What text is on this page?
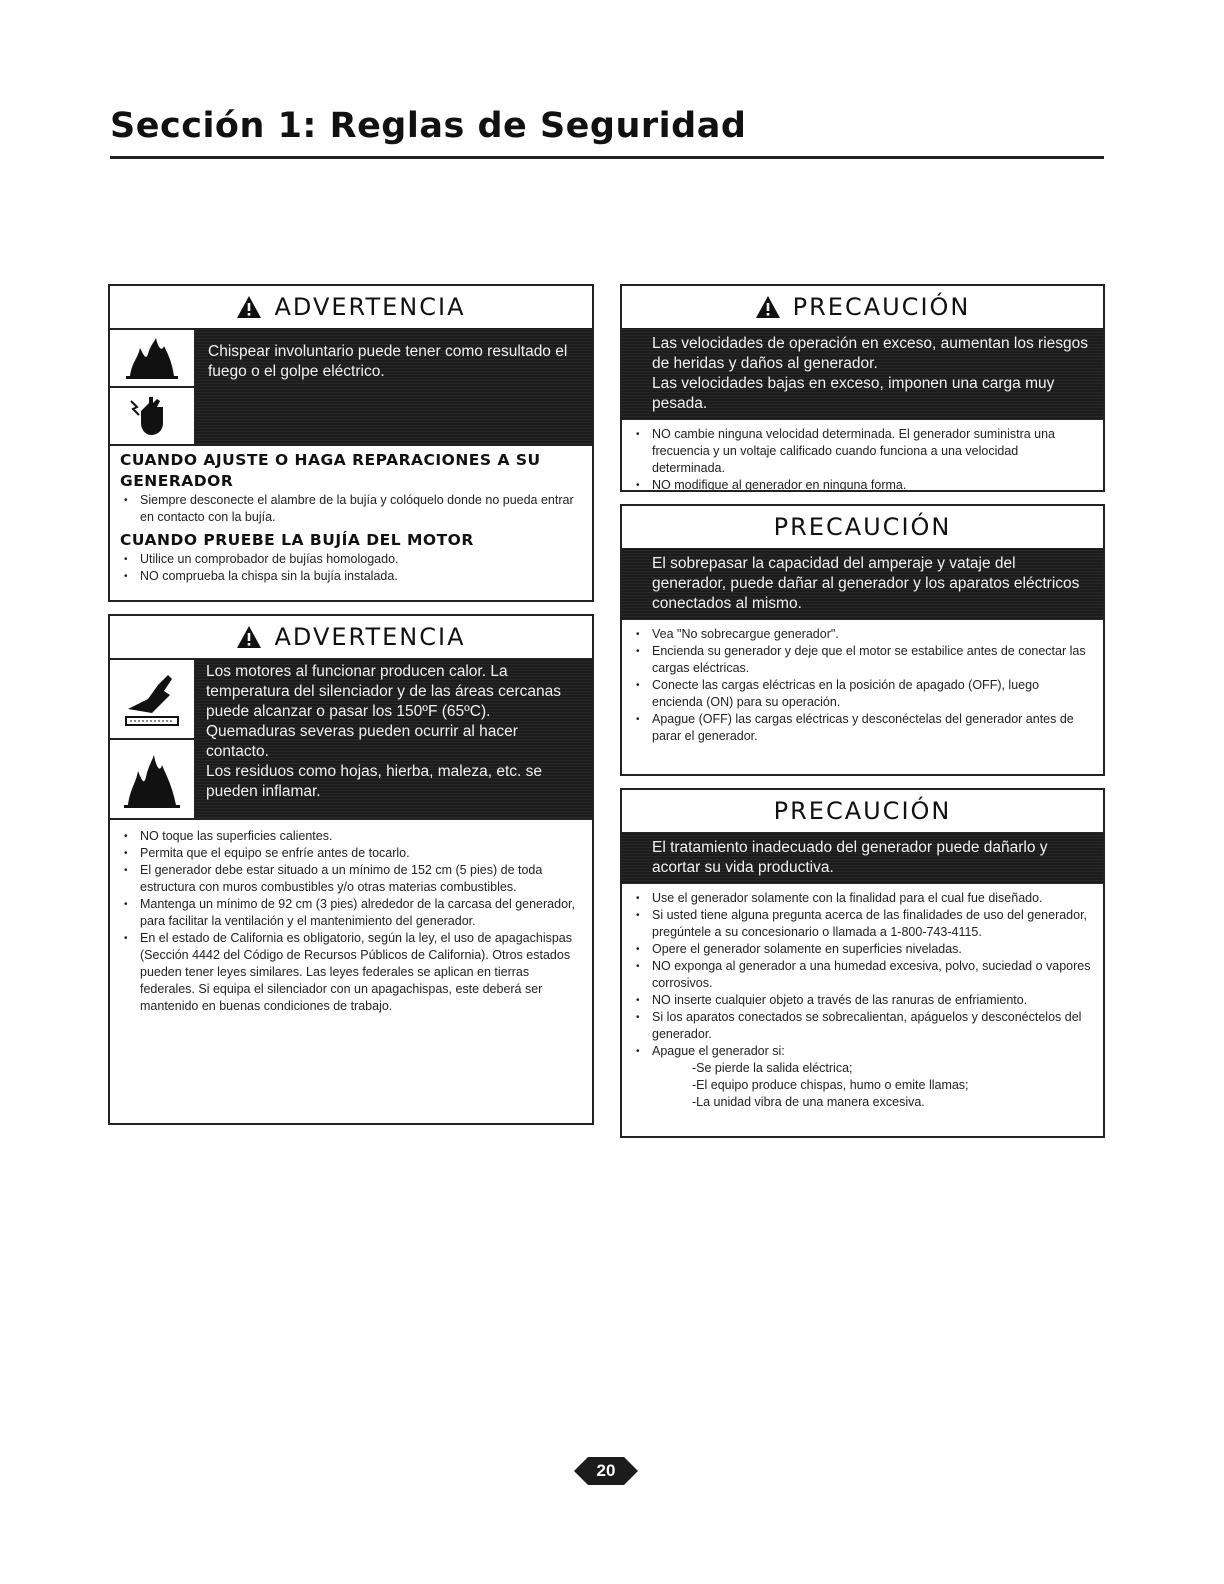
Sección 1: Reglas de Seguridad
ADVERTENCIA
Chispear involuntario puede tener como resultado el fuego o el golpe eléctrico.

CUANDO AJUSTE O HAGA REPARACIONES A SU GENERADOR

• Siempre desconecte el alambre de la bujía y colóquelo donde no pueda entrar en contacto con la bujía.

CUANDO PRUEBE LA BUJÍA DEL MOTOR

• Utilice un comprobador de bujías homologado.
• NO comprueba la chispa sin la bujía instalada.
ADVERTENCIA
Los motores al funcionar producen calor. La temperatura del silenciador y de las áreas cercanas puede alcanzar o pasar los 150ºF (65ºC).
Quemaduras severas pueden ocurrir al hacer contacto.
Los residuos como hojas, hierba, maleza, etc. se pueden inflamar.
• NO toque las superficies calientes.
• Permita que el equipo se enfríe antes de tocarlo.
• El generador debe estar situado a un mínimo de 152 cm (5 pies) de toda estructura con muros combustibles y/o otras materias combustibles.
• Mantenga un mínimo de 92 cm (3 pies) alrededor de la carcasa del generador, para facilitar la ventilación y el mantenimiento del generador.
• En el estado de California es obligatorio, según la ley, el uso de apagachispas (Sección 4442 del Código de Recursos Públicos de California). Otros estados pueden tener leyes similares. Las leyes federales se aplican en tierras federales. Si equipa el silenciador con un apagachispas, este deberá ser mantenido en buenas condiciones de trabajo.
PRECAUCIÓN

Las velocidades de operación en exceso, aumentan los riesgos de heridas y daños al generador.

Las velocidades bajas en exceso, imponen una carga muy pesada.

• NO cambie ninguna velocidad determinada. El generador suministra una frecuencia y un voltaje calificado cuando funciona a una velocidad determinada.
• NO modifique al generador en ninguna forma.
PRECAUCIÓN

El sobrepasar la capacidad del amperaje y vataje del generador, puede dañar al generador y los aparatos eléctricos conectados al mismo.

• Vea "No sobrecargue generador".
• Encienda su generador y deje que el motor se estabilice antes de conectar las cargas eléctricas.
• Conecte las cargas eléctricas en la posición de apagado (OFF), luego encienda (ON) para su operación.
• Apague (OFF) las cargas eléctricas y desconéctelas del generador antes de parar el generador.
PRECAUCIÓN

El tratamiento inadecuado del generador puede dañarlo y acortar su vida productiva.

• Use el generador solamente con la finalidad para el cual fue diseñado.
• Si usted tiene alguna pregunta acerca de las finalidades de uso del generador, pregúntele a su concesionario o llamada a 1-800-743-4115.
• Opere el generador solamente en superficies niveladas.
• NO exponga al generador a una humedad excesiva, polvo, suciedad o vapores corrosivos.
• NO inserte cualquier objeto a través de las ranuras de enfriamiento.
• Si los aparatos conectados se sobrecalientan, apáguelos y desconéctelos del generador.
• Apague el generador si:
-Se pierde la salida eléctrica;
-El equipo produce chispas, humo o emite llamas;
-La unidad vibra de una manera excesiva.
20
